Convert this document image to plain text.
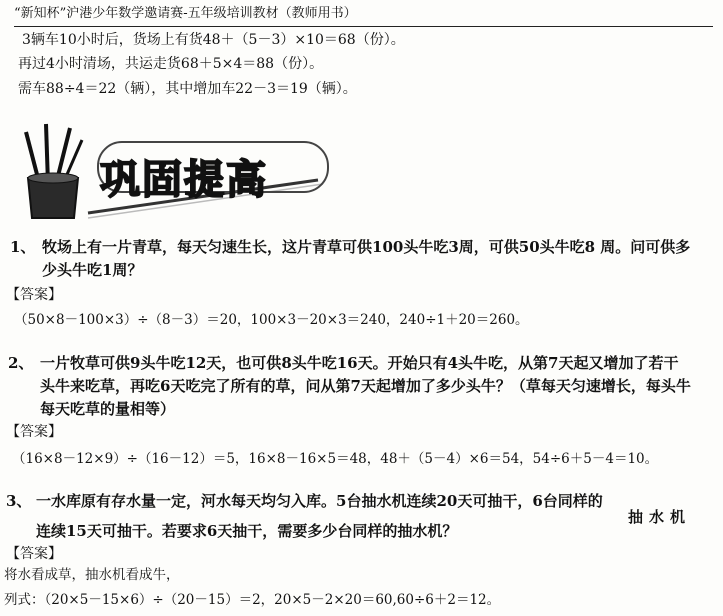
“新知杯”沪港少年数学邀请赛-五年级培训教材（教师用书）
3辆车10小时后，货场上有货48＋（5－3）×10＝68（份）。
再过4小时清场，共运走货68＋5×4＝88（份）。
需车88÷4＝22（辆），其中增加车22－3＝19（辆）。
巩固提高
1、 牧场上有一片青草，每天匀速生长，这片青草可供100头牛吃3周，可供50头牛吃8 周。问可供多
少头牛吃1周？
【答案】
（50×8－100×3）÷（8－3）＝20，100×3－20×3＝240，240÷1＋20＝260。
2、 一片牧草可供9头牛吃12天，也可供8头牛吃16天。开始只有4头牛吃，从第7天起又增加了若干
头牛来吃草，再吃6天吃完了所有的草，问从第7天起增加了多少头牛？（草每天匀速增长，每头牛
每天吃草的量相等）
【答案】
（16×8－12×9）÷（16－12）＝5，16×8－16×5＝48，48＋（5－4）×6＝54，54÷6＋5－4＝10。
3、 一水库原有存水量一定，河水每天均匀入库。5台抽水机连续20天可抽干，6台同样的
抽水机
连续15天可抽干。若要求6天抽干，需要多少台同样的抽水机？
【答案】
将水看成草，抽水机看成牛，
列式：（20×5－15×6）÷（20－15）＝2，20×5－2×20＝60,60÷6＋2＝12。
